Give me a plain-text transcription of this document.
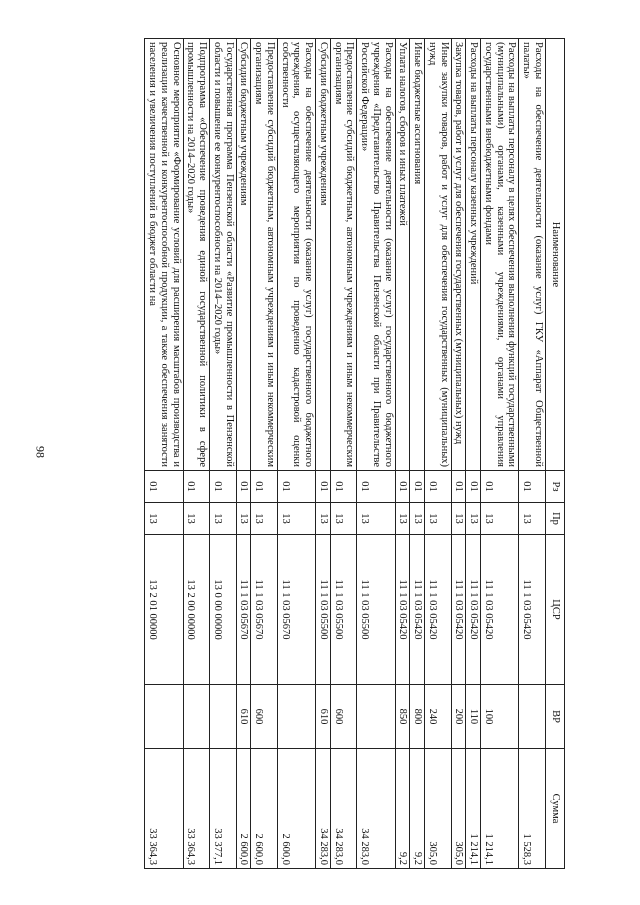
98
Наименование	Рз	Пр	ЦСР	ВР	Сумма
Расходы на обеспечение деятельности (оказание услуг) ГКУ «Аппарат Общественной палаты»	01	13	11 1 03 05420		1 528,3
Расходы на выплаты персоналу в целях обеспечения выполнения функций государственными (муниципальными) органами, казенными учреждениями, органами управления государственными внебюджетными фондами	01	13	11 1 03 05420	100	1 214,1
Расходы на выплаты персоналу казенных учреждений	01	13	11 1 03 05420	110	1 214,1
Закупка товаров, работ и услуг для обеспечения государственных (муниципальных) нужд	01	13	11 1 03 05420	200	305,0
Иные закупки товаров, работ и услуг для обеспечения государственных (муниципальных) нужд	01	13	11 1 03 05420	240	305,0
Иные бюджетные ассигнования	01	13	11 1 03 05420	800	9,2
Уплата налогов, сборов и иных платежей	01	13	11 1 03 05420	850	9,2
Расходы на обеспечение деятельности (оказание услуг) государственного бюджетного учреждения «Представительство Правительства Пензенской области при Правительстве Российской Федерации»	01	13	11 1 03 05500		34 283,0
Предоставление субсидий бюджетным, автономным учреждениям и иным некоммерческим организациям	01	13	11 1 03 05500	600	34 283,0
Субсидии бюджетным учреждениям	01	13	11 1 03 05500	610	34 283,0
Расходы на обеспечение деятельности (оказание услуг) государственного бюджетного учреждения, осуществляющего мероприятия по проведению кадастровой оценки собственности	01	13	11 1 03 05670		2 600,0
Предоставление субсидий бюджетным, автономным учреждениям и иным некоммерческим организациям	01	13	11 1 03 05670	600	2 600,0
Субсидии бюджетным учреждениям	01	13	11 1 03 05670	610	2 600,0
Государственная программа Пензенской области «Развитие промышленности в Пензенской области и повышение ее конкурентоспособности на 2014–2020 годы»	01	13	13 0 00 00000		33 377,1
Подпрограмма «Обеспечение проведения единой государственной политики в сфере промышленности на 2014–2020 годы»	01	13	13 2 00 00000		33 364,3
Основное мероприятие «Формирование условий для расширения масштабов производства и реализации качественной и конкурентоспособной продукции, а также обеспечения занятости населения и увеличения поступлений в бюджет области на	01	13	13 2 01 00000		33 364,3
